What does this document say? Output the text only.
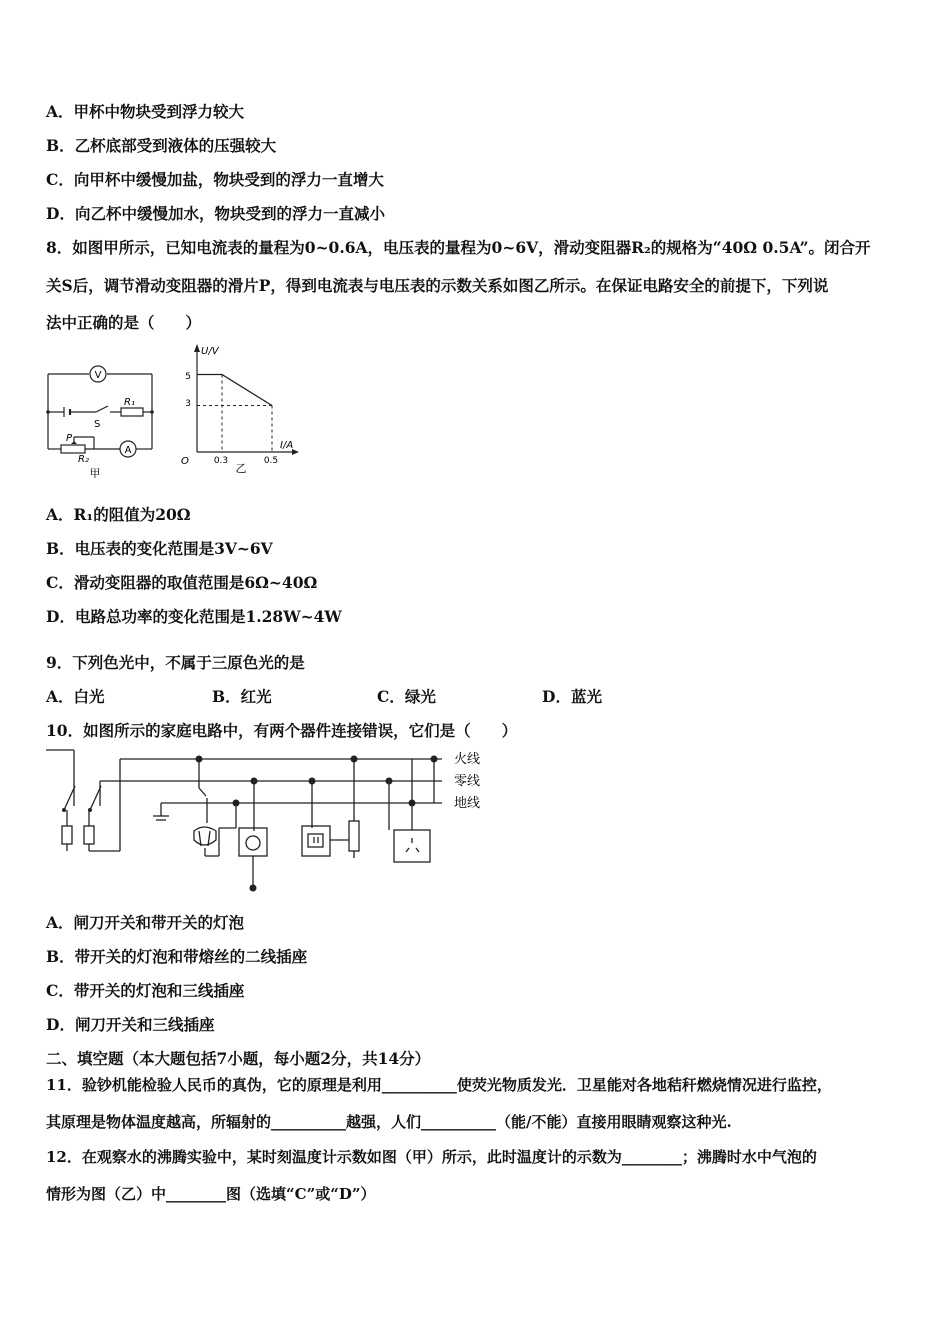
A．甲杯中物块受到浮力较大
B．乙杯底部受到液体的压强较大
C．向甲杯中缓慢加盐，物块受到的浮力一直增大
D．向乙杯中缓慢加水，物块受到的浮力一直减小
8．如图甲所示，已知电流表的量程为0~0.6A，电压表的量程为0~6V，滑动变阻器R₂的规格为“40Ω 0.5A”。闭合开
关S后，调节滑动变阻器的滑片P，得到电流表与电压表的示数关系如图乙所示。在保证电路安全的前提下，下列说
法中正确的是（　　）
V
A
R₁
S
P
R₂
甲
U/V
I/A
O
5
3
0.3	0.5
乙
A．R₁的阻值为20Ω
B．电压表的变化范围是3V~6V
C．滑动变阻器的取值范围是6Ω~40Ω
D．电路总功率的变化范围是1.28W~4W
9．下列色光中，不属于三原色光的是
A．白光	B．红光	C．绿光	D．蓝光
10．如图所示的家庭电路中，有两个器件连接错误，它们是（　　）
火线
零线
地线
A．闸刀开关和带开关的灯泡
B．带开关的灯泡和带熔丝的二线插座
C．带开关的灯泡和三线插座
D．闸刀开关和三线插座
二、填空题（本大题包括7小题，每小题2分，共14分）
11．验钞机能检验人民币的真伪，它的原理是利用__________使荧光物质发光．卫星能对各地秸秆燃烧情况进行监控，
其原理是物体温度越高，所辐射的__________越强，人们__________（能/不能）直接用眼睛观察这种光.
12．在观察水的沸腾实验中，某时刻温度计示数如图（甲）所示，此时温度计的示数为________；沸腾时水中气泡的
情形为图（乙）中________图（选填“C”或“D”）
